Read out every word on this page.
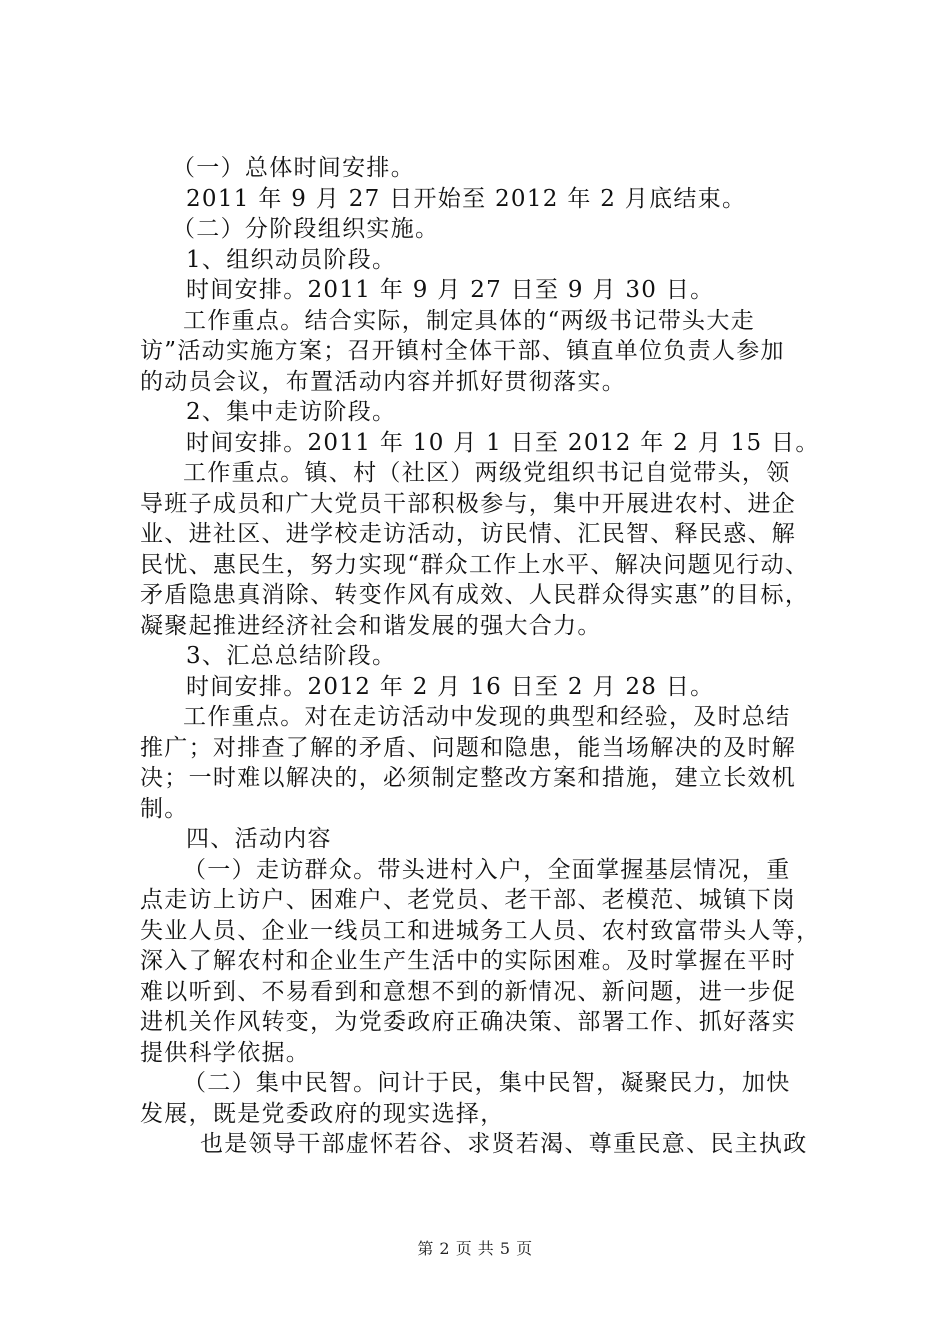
（一）总体时间安排。
2011 年 9 月 27 日开始至 2012 年 2 月底结束。
（二）分阶段组织实施。
1、组织动员阶段。
时间安排。2011 年 9 月 27 日至 9 月 30 日。
工作重点。结合实际，制定具体的“两级书记带头大走
访”活动实施方案；召开镇村全体干部、镇直单位负责人参加
的动员会议，布置活动内容并抓好贯彻落实。
2、集中走访阶段。
时间安排。2011 年 10 月 1 日至 2012 年 2 月 15 日。
工作重点。镇、村（社区）两级党组织书记自觉带头，领
导班子成员和广大党员干部积极参与，集中开展进农村、进企
业、进社区、进学校走访活动，访民情、汇民智、释民惑、解
民忧、惠民生，努力实现“群众工作上水平、解决问题见行动、
矛盾隐患真消除、转变作风有成效、人民群众得实惠”的目标，
凝聚起推进经济社会和谐发展的强大合力。
3、汇总总结阶段。
时间安排。2012 年 2 月 16 日至 2 月 28 日。
工作重点。对在走访活动中发现的典型和经验，及时总结
推广；对排查了解的矛盾、问题和隐患，能当场解决的及时解
决；一时难以解决的，必须制定整改方案和措施，建立长效机
制。
四、活动内容
（一）走访群众。带头进村入户，全面掌握基层情况，重
点走访上访户、困难户、老党员、老干部、老模范、城镇下岗
失业人员、企业一线员工和进城务工人员、农村致富带头人等，
深入了解农村和企业生产生活中的实际困难。及时掌握在平时
难以听到、不易看到和意想不到的新情况、新问题，进一步促
进机关作风转变，为党委政府正确决策、部署工作、抓好落实
提供科学依据。
（二）集中民智。问计于民，集中民智，凝聚民力，加快
发展，既是党委政府的现实选择，
也是领导干部虚怀若谷、求贤若渴、尊重民意、民主执政
第 2 页 共 5 页
